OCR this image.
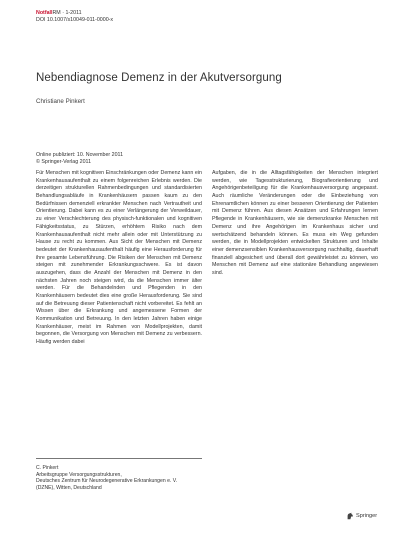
NotfallRM · 1-2011
DOI 10.1007/s10049-011-0000-x
Nebendiagnose Demenz in der Akutversorgung
Christiane Pinkert
Online publiziert: 10. November 2011
© Springer-Verlag 2011

Für Menschen mit kognitiven Einschränkungen oder Demenz kann ein Krankenhausaufenthalt zu einem folgenreichen Erlebnis werden. Die derzeitigen strukturellen Rahmenbedingungen und standardisierten Behandlungsabläufe in Krankenhäusern passen kaum zu den Bedürfnissen demenziell erkrankter Menschen nach Vertrautheit und Orientierung. Dabei kann es zu einer Verlängerung der Verweildauer, zu einer Verschlechterung des physisch-funktionalen und kognitiven Fähigkeitsstatus, zu Stürzen, erhöhtem Risiko nach dem Krankenhausaufenthalt nicht mehr allein oder mit Unterstützung zu Hause zu recht zu kommen. Aus Sicht der Menschen mit Demenz bedeutet der Krankenhausaufenthalt häufig eine Herausforderung für ihre gesamte Lebensführung. Die Risiken der Menschen mit Demenz steigen mit zunehmender Erkrankungsschwere. Es ist davon auszugehen, dass die Anzahl der Menschen mit Demenz in den nächsten Jahren noch steigen wird, da die Menschen immer älter werden. Für die Behandelnden und Pflegenden in den Krankenhäusern bedeutet dies eine große Herausforderung. Sie sind auf die Betreuung dieser Patientenschaft nicht vorbereitet. Es fehlt an Wissen über die Erkrankung und angemessene Formen der Kommunikation und Betreuung. In den letzten Jahren haben einige Krankenhäuser, meist im Rahmen von Modellprojekten, damit begonnen, die Versorgung von Menschen mit Demenz zu verbessern. Häufig werden dabei

Aufgaben, die in die Alltagsfähigkeiten der Menschen integriert werden, wie Tagesstrukturierung, Biografieorientierung und Angehörigenbeteiligung für die Krankenhausversorgung angepasst. Auch räumliche Veränderungen oder die Einbeziehung von Ehrenamtlichen können zu einer besseren Orientierung der Patienten mit Demenz führen. Aus diesen Ansätzen und Erfahrungen lernen Pflegende in Krankenhäusern, wie sie demenzkranke Menschen mit Demenz und ihre Angehörigen im Krankenhaus sicher und wertschätzend behandeln können. Es muss ein Weg gefunden werden, die in Modellprojekten entwickelten Strukturen und Inhalte einer demenzsensiblen Krankenhausversorgung nachhaltig, dauerhaft finanziell abgesichert und überall dort gewährleistet zu können, wo Menschen mit Demenz auf eine stationäre Behandlung angewiesen sind.

C. Pinkert
Arbeitsgruppe Versorgungsstrukturen,
Deutsches Zentrum für Neurodegenerative Erkrankungen e. V.
(DZNE), Witten, Deutschland
Springer
